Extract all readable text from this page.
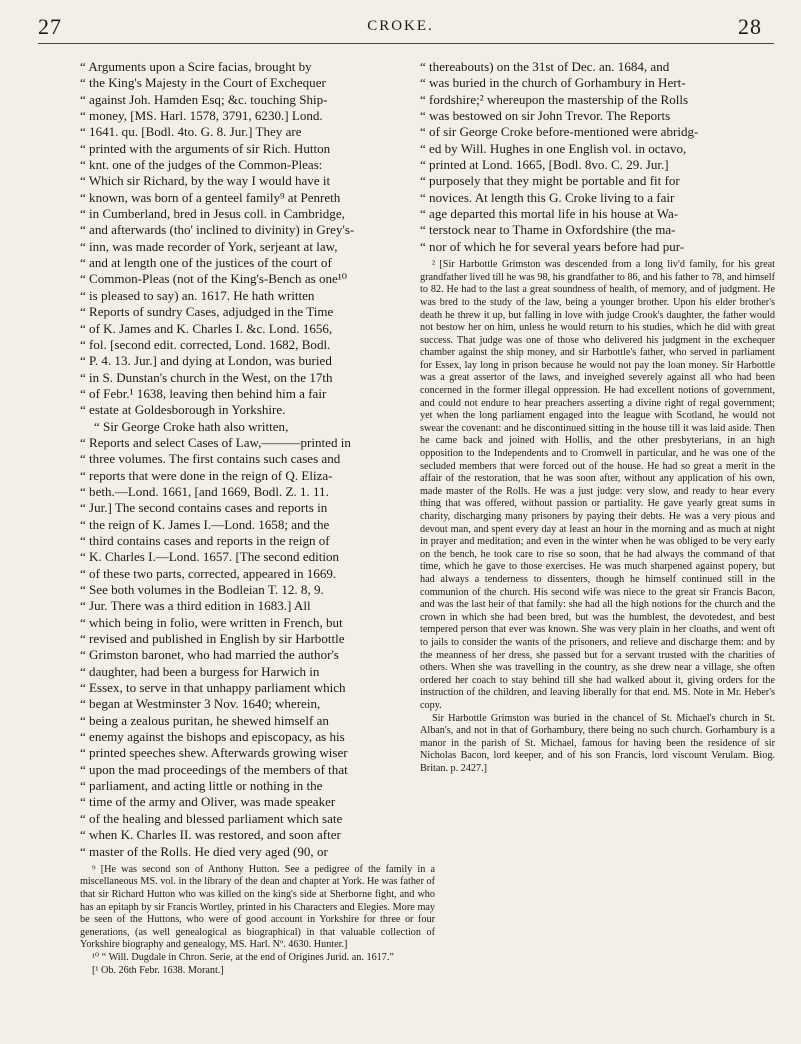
27	CROKE.	28

“ Arguments upon a Scire facias, brought by

“ the King's Majesty in the Court of Exchequer

“ against Joh. Hamden Esq; &c. touching Ship-

“ money, [MS. Harl. 1578, 3791, 6230.] Lond.

“ 1641. qu. [Bodl. 4to. G. 8. Jur.] They are

“ printed with the arguments of sir Rich. Hutton

“ knt. one of the judges of the Common-Pleas:

“ Which sir Richard, by the way I would have it

“ known, was born of a genteel family⁹ at Penreth

“ in Cumberland, bred in Jesus coll. in Cambridge,

“ and afterwards (tho' inclined to divinity) in Grey's-

“ inn, was made recorder of York, serjeant at law,

“ and at length one of the justices of the court of

“ Common-Pleas (not of the King's-Bench as one¹⁰

“ is pleased to say) an. 1617. He hath written

“ Reports of sundry Cases, adjudged in the Time

“ of K. James and K. Charles I. &c. Lond. 1656,

“ fol. [second edit. corrected, Lond. 1682, Bodl.

“ P. 4. 13. Jur.] and dying at London, was buried

“ in S. Dunstan's church in the West, on the 17th

“ of Febr.¹ 1638, leaving then behind him a fair

“ estate at Goldesborough in Yorkshire.

“ Sir George Croke hath also written,

“ Reports and select Cases of Law,———printed in

“ three volumes. The first contains such cases and

“ reports that were done in the reign of Q. Eliza-

“ beth.—Lond. 1661, [and 1669, Bodl. Z. 1. 11.

“ Jur.] The second contains cases and reports in

“ the reign of K. James I.—Lond. 1658; and the

“ third contains cases and reports in the reign of

“ K. Charles I.—Lond. 1657. [The second edition

“ of these two parts, corrected, appeared in 1669.

“ See both volumes in the Bodleian T. 12. 8, 9.

“ Jur. There was a third edition in 1683.] All

“ which being in folio, were written in French, but

“ revised and published in English by sir Harbottle

“ Grimston baronet, who had married the author's

“ daughter, had been a burgess for Harwich in

“ Essex, to serve in that unhappy parliament which

“ began at Westminster 3 Nov. 1640; wherein,

“ being a zealous puritan, he shewed himself an

“ enemy against the bishops and episcopacy, as his

“ printed speeches shew. Afterwards growing wiser

“ upon the mad proceedings of the members of that

“ parliament, and acting little or nothing in the

“ time of the army and Oliver, was made speaker

“ of the healing and blessed parliament which sate

“ when K. Charles II. was restored, and soon after

“ master of the Rolls. He died very aged (90, or

⁹ [He was second son of Anthony Hutton. See a pedigree of the family in a miscellaneous MS. vol. in the library of the dean and chapter at York. He was father of that sir Richard Hutton who was killed on the king's side at Sherborne fight, and who has an epitaph by sir Francis Wortley, printed in his Characters and Elegies. More may be seen of the Huttons, who were of good account in Yorkshire for three or four generations, (as well genealogical as biographical) in that valuable collection of Yorkshire biography and genealogy, MS. Harl. Nº. 4630. Hunter.]

¹⁰ “ Will. Dugdale in Chron. Serie, at the end of Origines Jurid. an. 1617.”

[¹ Ob. 26th Febr. 1638. Morant.]

“ thereabouts) on the 31st of Dec. an. 1684, and

“ was buried in the church of Gorhambury in Hert-

“ fordshire;² whereupon the mastership of the Rolls

“ was bestowed on sir John Trevor. The Reports

“ of sir George Croke before-mentioned were abridg-

“ ed by Will. Hughes in one English vol. in octavo,

“ printed at Lond. 1665, [Bodl. 8vo. C. 29. Jur.]

“ purposely that they might be portable and fit for

“ novices. At length this G. Croke living to a fair

“ age departed this mortal life in his house at Wa-

“ terstock near to Thame in Oxfordshire (the ma-

“ nor of which he for several years before had pur-

² [Sir Harbottle Grimston was descended from a long liv'd family, for his great grandfather lived till he was 98, his grandfather to 86, and his father to 78, and himself to 82. He had to the last a great soundness of health, of memory, and of judgment. He was bred to the study of the law, being a younger brother. Upon his elder brother's death he threw it up, but falling in love with judge Crook's daughter, the father would not bestow her on him, unless he would return to his studies, which he did with great success. That judge was one of those who delivered his judgment in the exchequer chamber against the ship money, and sir Harbottle's father, who served in parliament for Essex, lay long in prison because he would not pay the loan money. Sir Harbottle was a great assertor of the laws, and inveighed severely against all who had been concerned in the former illegal oppression. He had excellent notions of government, and could not endure to hear preachers asserting a divine right of regal government; yet when the long parliament engaged into the league with Scotland, he would not swear the covenant: and he discontinued sitting in the house till it was laid aside. Then he came back and joined with Hollis, and the other presbyterians, in an high opposition to the Independents and to Cromwell in particular, and he was one of the secluded members that were forced out of the house. He had so great a merit in the affair of the restoration, that he was soon after, without any application of his own, made master of the Rolls. He was a just judge: very slow, and ready to hear every thing that was offered, without passion or partiality. He gave yearly great sums in charity, discharging many prisoners by paying their debts. He was a very pious and devout man, and spent every day at least an hour in the morning and as much at night in prayer and meditation; and even in the winter when he was obliged to be very early on the bench, he took care to rise so soon, that he had always the command of that time, which he gave to those exercises. He was much sharpened against popery, but had always a tenderness to dissenters, though he himself continued still in the communion of the church. His second wife was niece to the great sir Francis Bacon, and was the last heir of that family: she had all the high notions for the church and the crown in which she had been bred, but was the humblest, the devotedest, and best tempered person that ever was known. She was very plain in her cloaths, and went oft to jails to consider the wants of the prisoners, and relieve and discharge them: and by the meanness of her dress, she passed but for a servant trusted with the charities of others. When she was travelling in the country, as she drew near a village, she often ordered her coach to stay behind till she had walked about it, giving orders for the instruction of the children, and leaving liberally for that end. MS. Note in Mr. Heber's copy.

Sir Harbottle Grimston was buried in the chancel of St. Michael's church in St. Alban's, and not in that of Gorhambury, there being no such church. Gorhambury is a manor in the parish of St. Michael, famous for having been the residence of sir Nicholas Bacon, lord keeper, and of his son Francis, lord viscount Verulam. Biog. Britan. p. 2427.]
